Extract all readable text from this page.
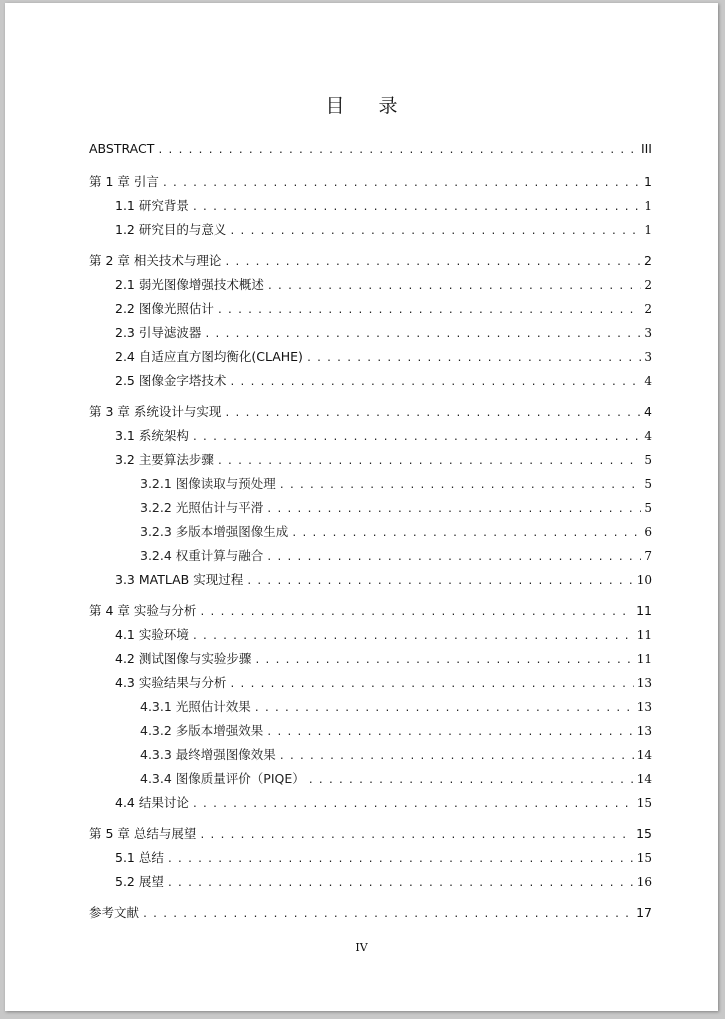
目 录
ABSTRACT . . .	III
第 1 章 引言 . . .	1
1.1 研究背景 . . .	1
1.2 研究目的与意义 . . .	1
第 2 章 相关技术与理论 . . .	2
2.1 弱光图像增强技术概述 . . .	2
2.2 图像光照估计 . . .	2
2.3 引导滤波器 . . .	3
2.4 自适应直方图均衡化(CLAHE) . . .	3
2.5 图像金字塔技术 . . .	4
第 3 章 系统设计与实现 . . .	4
3.1 系统架构 . . .	4
3.2 主要算法步骤 . . .	5
3.2.1 图像读取与预处理 . . .	5
3.2.2 光照估计与平滑 . . .	5
3.2.3 多版本增强图像生成 . . .	6
3.2.4 权重计算与融合 . . .	7
3.3 MATLAB 实现过程 . . .	10
第 4 章 实验与分析 . . .	11
4.1 实验环境 . . .	11
4.2 测试图像与实验步骤 . . .	11
4.3 实验结果与分析 . . .	13
4.3.1 光照估计效果 . . .	13
4.3.2 多版本增强效果 . . .	13
4.3.3 最终增强图像效果 . . .	14
4.3.4 图像质量评价（PIQE） . . .	14
4.4 结果讨论 . . .	15
第 5 章 总结与展望 . . .	15
5.1 总结 . . .	15
5.2 展望 . . .	16
参考文献 . . .	17
IV
